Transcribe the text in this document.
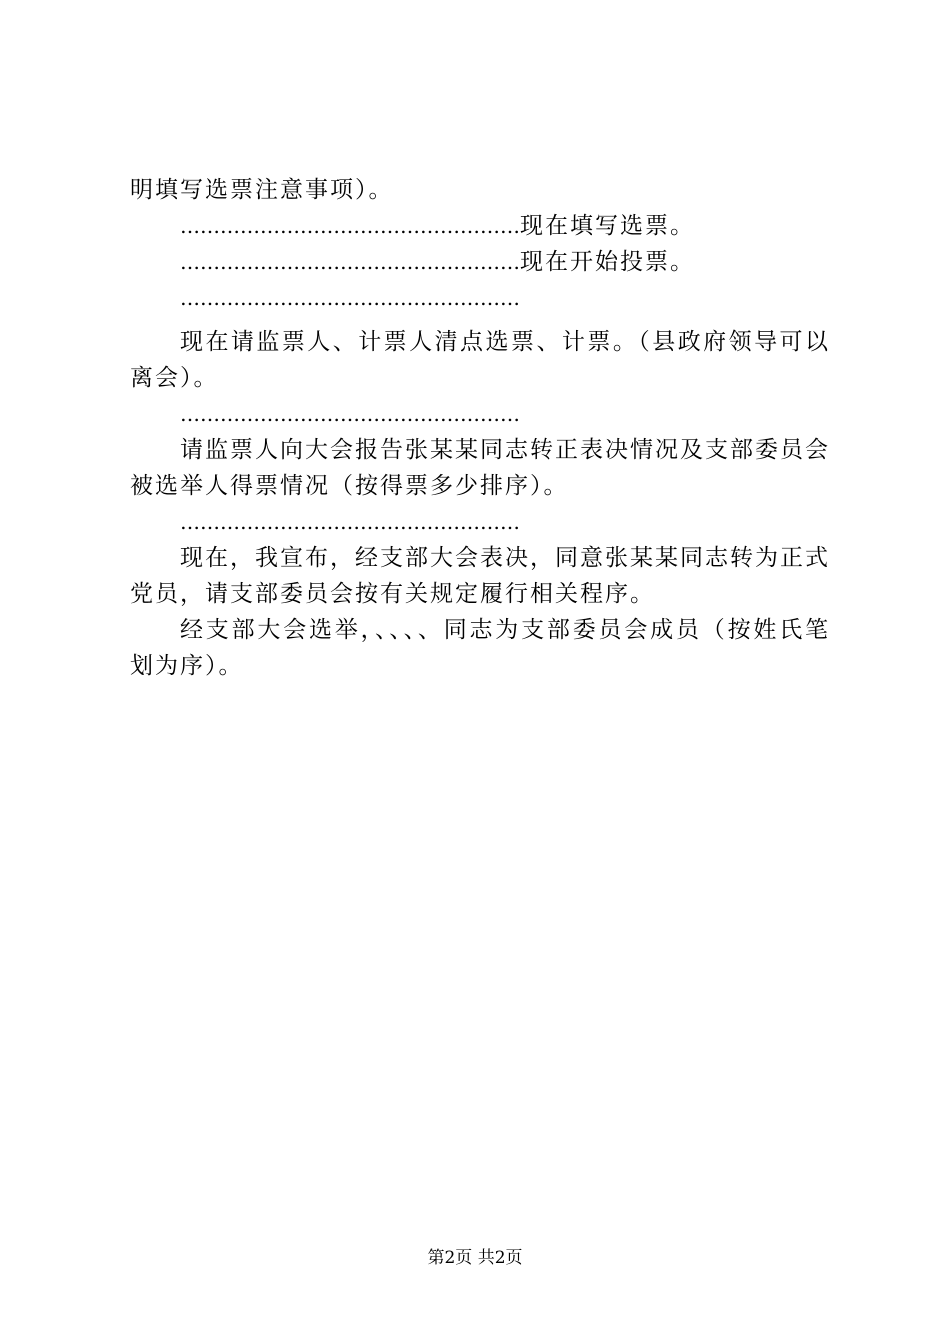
明填写选票注意事项）。
……………………………………………现在填写选票。
……………………………………………现在开始投票。
……………………………………………
现在请监票人、计票人清点选票、计票。（县政府领导可以离会）。
……………………………………………
请监票人向大会报告张某某同志转正表决情况及支部委员会被选举人得票情况（按得票多少排序）。
……………………………………………
现在，我宣布，经支部大会表决，同意张某某同志转为正式党员，请支部委员会按有关规定履行相关程序。
经支部大会选举，、、、、同志为支部委员会成员（按姓氏笔划为序）。
第2页 共2页
